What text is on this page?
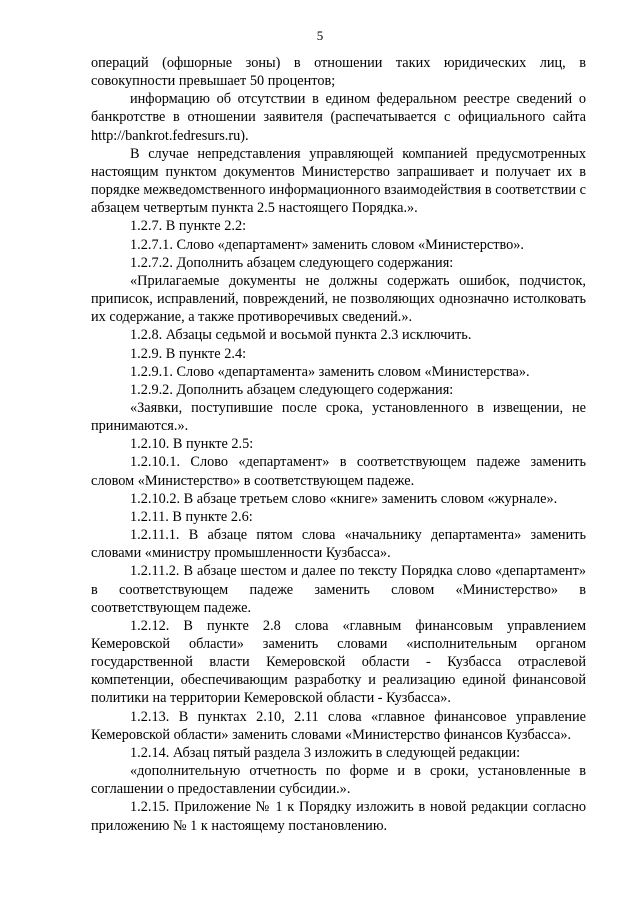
5

операций (офшорные зоны) в отношении таких юридических лиц, в совокупности превышает 50 процентов;

информацию об отсутствии в едином федеральном реестре сведений о банкротстве в отношении заявителя (распечатывается с официального сайта http://bankrot.fedresurs.ru).

В случае непредставления управляющей компанией предусмотренных настоящим пунктом документов Министерство запрашивает и получает их в порядке межведомственного информационного взаимодействия в соответствии с абзацем четвертым пункта 2.5 настоящего Порядка.».

1.2.7. В пункте 2.2:

1.2.7.1. Слово «департамент» заменить словом «Министерство».

1.2.7.2. Дополнить абзацем следующего содержания:

«Прилагаемые документы не должны содержать ошибок, подчисток, приписок, исправлений, повреждений, не позволяющих однозначно истолковать их содержание, а также противоречивых сведений.».

1.2.8. Абзацы седьмой и восьмой пункта 2.3 исключить.

1.2.9. В пункте 2.4:

1.2.9.1. Слово «департамента» заменить словом «Министерства».

1.2.9.2. Дополнить абзацем следующего содержания:

«Заявки, поступившие после срока, установленного в извещении, не принимаются.».

1.2.10. В пункте 2.5:

1.2.10.1. Слово «департамент» в соответствующем падеже заменить словом «Министерство» в соответствующем падеже.

1.2.10.2. В абзаце третьем слово «книге» заменить словом «журнале».

1.2.11. В пункте 2.6:

1.2.11.1. В абзаце пятом слова «начальнику департамента» заменить словами «министру промышленности Кузбасса».

1.2.11.2. В абзаце шестом и далее по тексту Порядка слово «департамент» в соответствующем падеже заменить словом «Министерство» в соответствующем падеже.

1.2.12. В пункте 2.8 слова «главным финансовым управлением Кемеровской области» заменить словами «исполнительным органом государственной власти Кемеровской области - Кузбасса отраслевой компетенции, обеспечивающим разработку и реализацию единой финансовой политики на территории Кемеровской области - Кузбасса».

1.2.13. В пунктах 2.10, 2.11 слова «главное финансовое управление Кемеровской области» заменить словами «Министерство финансов Кузбасса».

1.2.14. Абзац пятый раздела 3 изложить в следующей редакции:

«дополнительную отчетность по форме и в сроки, установленные в соглашении о предоставлении субсидии.».

1.2.15. Приложение № 1 к Порядку изложить в новой редакции согласно приложению № 1 к настоящему постановлению.
